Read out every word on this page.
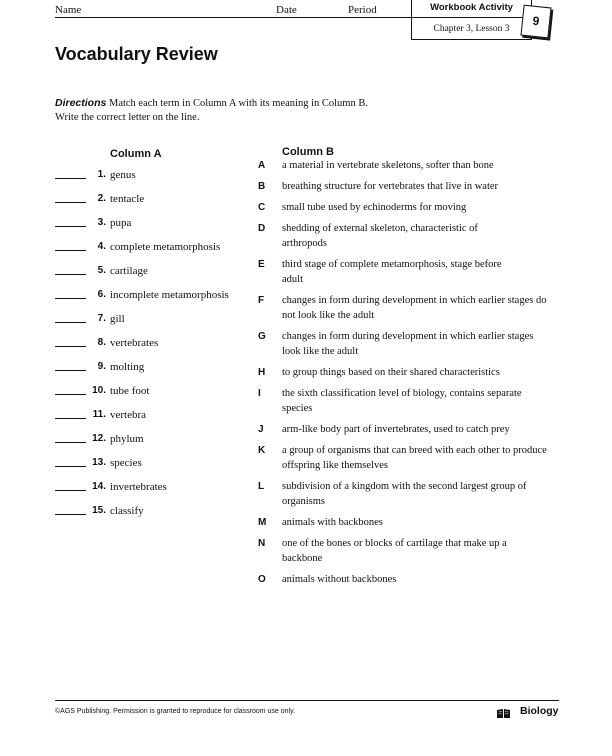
Name	Date	Period	Workbook Activity
Chapter 3, Lesson 3
9
Vocabulary Review
Directions Match each term in Column A with its meaning in Column B.
Write the correct letter on the line.
Column A	Column B
1. genus
2. tentacle
3. pupa
4. complete metamorphosis
5. cartilage
6. incomplete metamorphosis
7. gill
8. vertebrates
9. molting
10. tube foot
11. vertebra
12. phylum
13. species
14. invertebrates
15. classify
A a material in vertebrate skeletons, softer than bone
B breathing structure for vertebrates that live in water
C small tube used by echinoderms for moving
D shedding of external skeleton, characteristic of arthropods
E third stage of complete metamorphosis, stage before adult
F changes in form during development in which earlier stages do not look like the adult
G changes in form during development in which earlier stages look like the adult
H to group things based on their shared characteristics
I the sixth classification level of biology, contains separate species
J arm-like body part of invertebrates, used to catch prey
K a group of organisms that can breed with each other to produce offspring like themselves
L subdivision of a kingdom with the second largest group of organisms
M animals with backbones
N one of the bones or blocks of cartilage that make up a backbone
O animals without backbones
©AGS Publishing. Permission is granted to reproduce for classroom use only.	Biology
